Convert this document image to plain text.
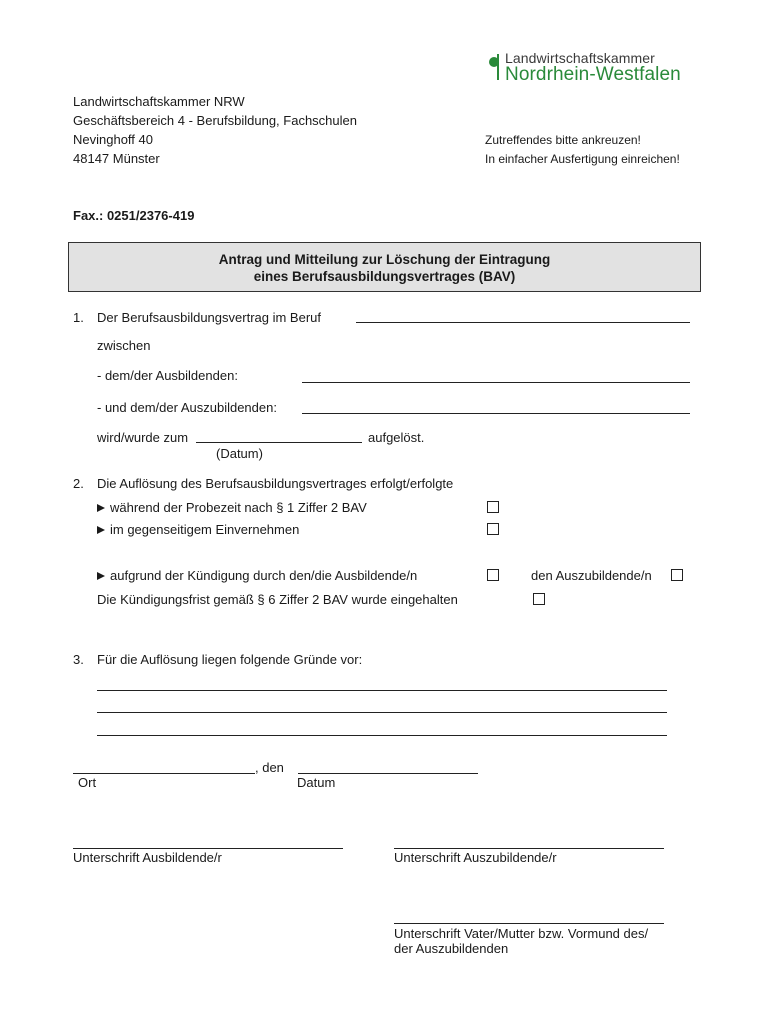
Landwirtschaftskammer
Nordrhein-Westfalen
Landwirtschaftskammer NRW
Geschäftsbereich 4 - Berufsbildung, Fachschulen
Nevinghoff 40
48147 Münster
Zutreffendes bitte ankreuzen!
In einfacher Ausfertigung einreichen!
Fax.: 0251/2376-419
Antrag und Mitteilung zur Löschung der Eintragung
eines Berufsausbildungsvertrages (BAV)
1. Der Berufsausbildungsvertrag im Beruf
zwischen
- dem/der Ausbildenden:
- und dem/der Auszubildenden:
wird/wurde zum	aufgelöst.
(Datum)
2. Die Auflösung des Berufsausbildungsvertrages erfolgt/erfolgte
während der Probezeit nach § 1 Ziffer 2 BAV
im gegenseitigem Einvernehmen
aufgrund der Kündigung durch den/die Ausbildende/n	den Auszubildende/n
Die Kündigungsfrist gemäß § 6 Ziffer 2 BAV wurde eingehalten
3. Für die Auflösung liegen folgende Gründe vor:
, den
Ort	Datum
Unterschrift Ausbildende/r	Unterschrift Auszubildende/r
Unterschrift Vater/Mutter bzw. Vormund des/
der Auszubildenden
